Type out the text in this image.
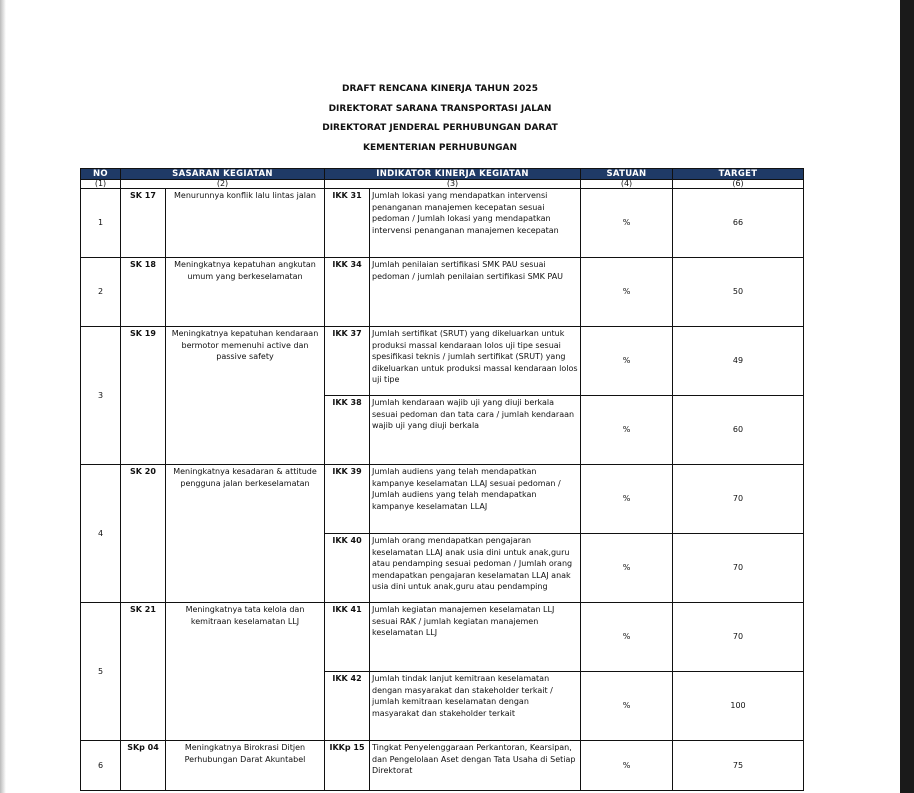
DRAFT RENCANA KINERJA TAHUN 2025
DIREKTORAT SARANA TRANSPORTASI JALAN
DIREKTORAT JENDERAL PERHUBUNGAN DARAT
KEMENTERIAN PERHUBUNGAN
NO	SASARAN KEGIATAN		INDIKATOR KINERJA KEGIATAN		SATUAN	TARGET
(1)	(2)		(3)		(4)	(6)
1	SK 17	Menurunnya konflik lalu lintas jalan	IKK 31	Jumlah lokasi yang mendapatkan intervensi penanganan manajemen kecepatan sesuai pedoman / Jumlah lokasi yang mendapatkan intervensi penanganan manajemen kecepatan	%	66
2	SK 18	Meningkatnya kepatuhan angkutan umum yang berkeselamatan	IKK 34	Jumlah penilaian sertifikasi SMK PAU sesuai pedoman / jumlah penilaian sertifikasi SMK PAU	%	50
3	SK 19	Meningkatnya kepatuhan kendaraan bermotor memenuhi active dan passive safety	IKK 37	Jumlah sertifikat (SRUT) yang dikeluarkan untuk produksi massal kendaraan lolos uji tipe sesuai spesifikasi teknis / jumlah sertifikat (SRUT) yang dikeluarkan untuk produksi massal kendaraan lolos uji tipe	%	49
			IKK 38	Jumlah kendaraan wajib uji yang diuji berkala sesuai pedoman dan tata cara / jumlah kendaraan wajib uji yang diuji berkala	%	60
4	SK 20	Meningkatnya kesadaran & attitude pengguna jalan berkeselamatan	IKK 39	Jumlah audiens yang telah mendapatkan kampanye keselamatan LLAJ sesuai pedoman / Jumlah audiens yang telah mendapatkan kampanye keselamatan LLAJ	%	70
			IKK 40	Jumlah orang mendapatkan pengajaran keselamatan LLAJ anak usia dini untuk anak,guru atau pendamping sesuai pedoman / Jumlah orang mendapatkan pengajaran keselamatan LLAJ anak usia dini untuk anak,guru atau pendamping	%	70
5	SK 21	Meningkatnya tata kelola dan kemitraan keselamatan LLJ	IKK 41	Jumlah kegiatan manajemen keselamatan LLJ sesuai RAK / jumlah kegiatan manajemen keselamatan LLJ	%	70
			IKK 42	Jumlah tindak lanjut kemitraan keselamatan dengan masyarakat dan stakeholder terkait / jumlah kemitraan keselamatan dengan masyarakat dan stakeholder terkait	%	100
6	SKp 04	Meningkatnya Birokrasi Ditjen Perhubungan Darat Akuntabel	IKKp 15	Tingkat Penyelenggaraan Perkantoran, Kearsipan, dan Pengelolaan Aset dengan Tata Usaha di Setiap Direktorat	%	75
